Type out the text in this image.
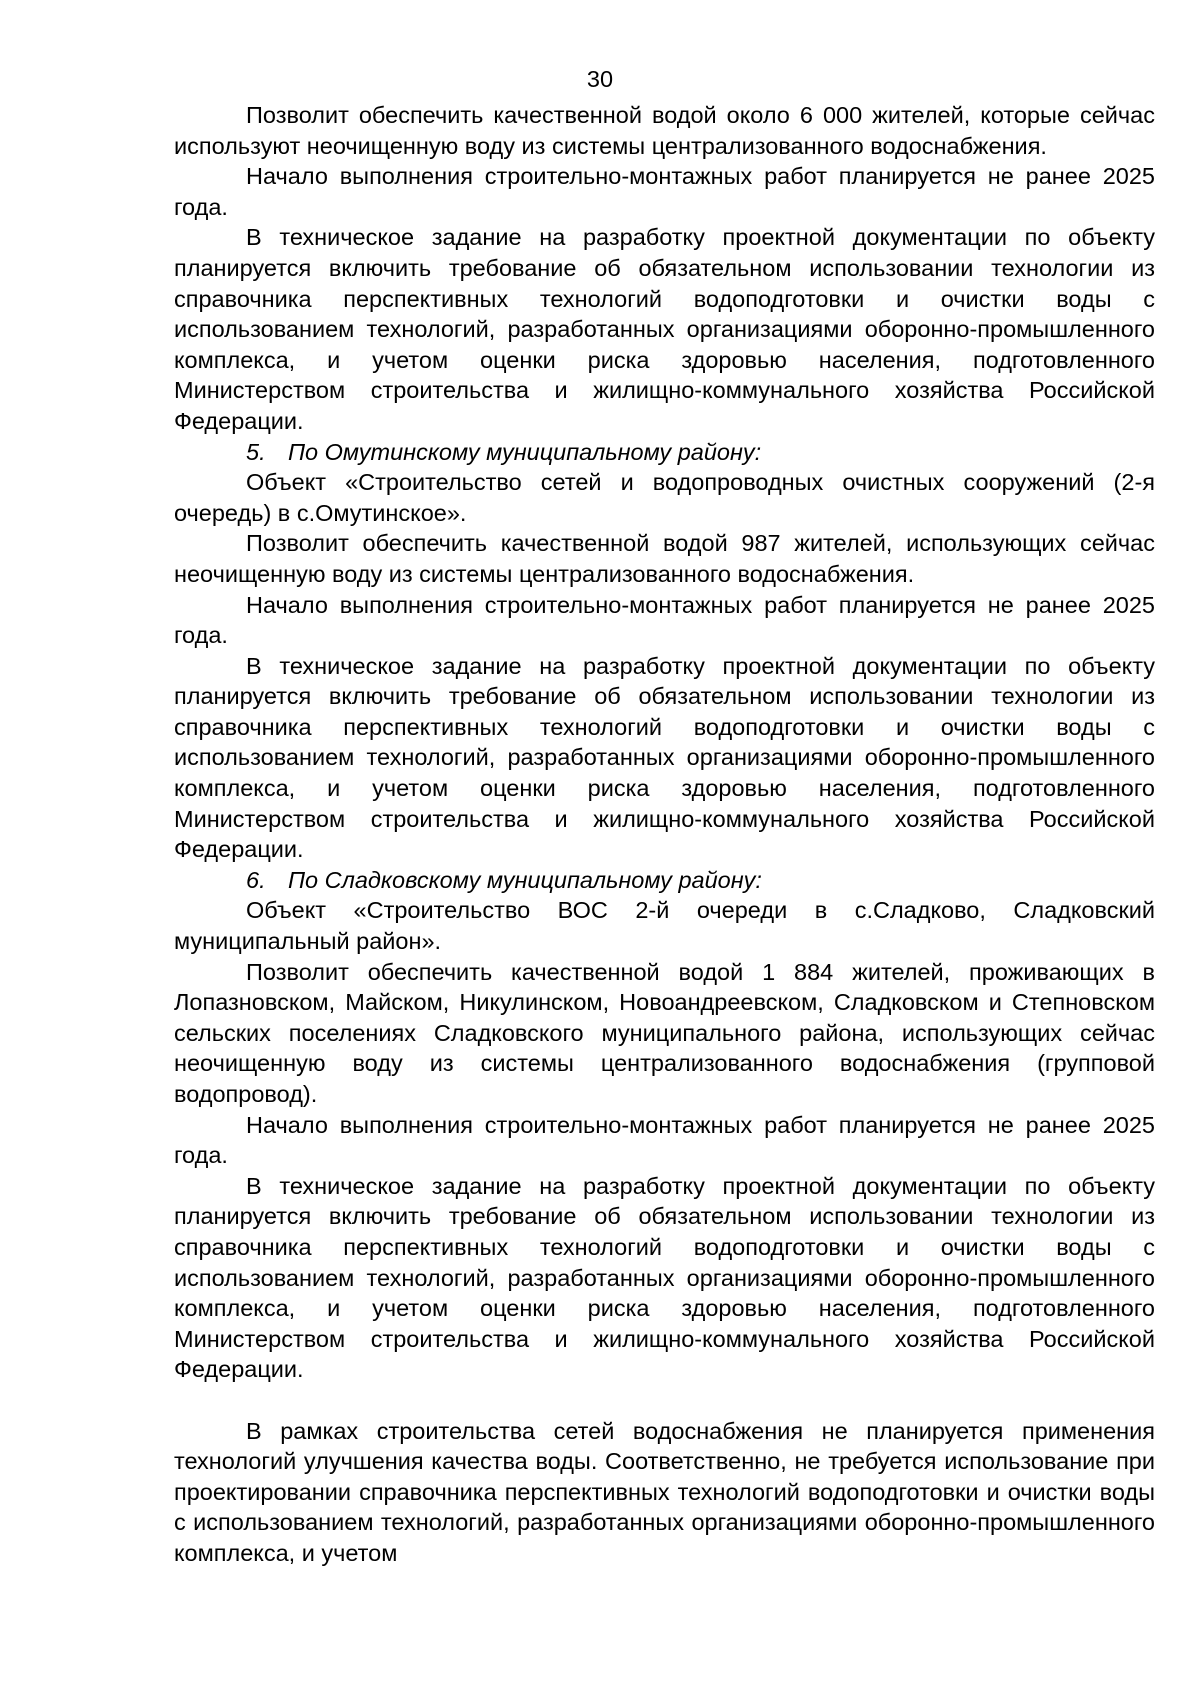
30

Позволит обеспечить качественной водой около 6 000 жителей, которые сейчас используют неочищенную воду из системы централизованного водоснабжения.

Начало выполнения строительно-монтажных работ планируется не ранее 2025 года.

В техническое задание на разработку проектной документации по объекту планируется включить требование об обязательном использовании технологии из справочника перспективных технологий водоподготовки и очистки воды с использованием технологий, разработанных организациями оборонно-промышленного комплекса, и учетом оценки риска здоровью населения, подготовленного Министерством строительства и жилищно-коммунального хозяйства Российской Федерации.

5. По Омутинскому муниципальному району:

Объект «Строительство сетей и водопроводных очистных сооружений (2-я очередь) в с.Омутинское».

Позволит обеспечить качественной водой 987 жителей, использующих сейчас неочищенную воду из системы централизованного водоснабжения.

Начало выполнения строительно-монтажных работ планируется не ранее 2025 года.

В техническое задание на разработку проектной документации по объекту планируется включить требование об обязательном использовании технологии из справочника перспективных технологий водоподготовки и очистки воды с использованием технологий, разработанных организациями оборонно-промышленного комплекса, и учетом оценки риска здоровью населения, подготовленного Министерством строительства и жилищно-коммунального хозяйства Российской Федерации.

6. По Сладковскому муниципальному району:

Объект «Строительство ВОС 2-й очереди в с.Сладково, Сладковский муниципальный район».

Позволит обеспечить качественной водой 1 884 жителей, проживающих в Лопазновском, Майском, Никулинском, Новоандреевском, Сладковском и Степновском сельских поселениях Сладковского муниципального района, использующих сейчас неочищенную воду из системы централизованного водоснабжения (групповой водопровод).

Начало выполнения строительно-монтажных работ планируется не ранее 2025 года.

В техническое задание на разработку проектной документации по объекту планируется включить требование об обязательном использовании технологии из справочника перспективных технологий водоподготовки и очистки воды с использованием технологий, разработанных организациями оборонно-промышленного комплекса, и учетом оценки риска здоровью населения, подготовленного Министерством строительства и жилищно-коммунального хозяйства Российской Федерации.

В рамках строительства сетей водоснабжения не планируется применения технологий улучшения качества воды. Соответственно, не требуется использование при проектировании справочника перспективных технологий водоподготовки и очистки воды с использованием технологий, разработанных организациями оборонно-промышленного комплекса, и учетом
